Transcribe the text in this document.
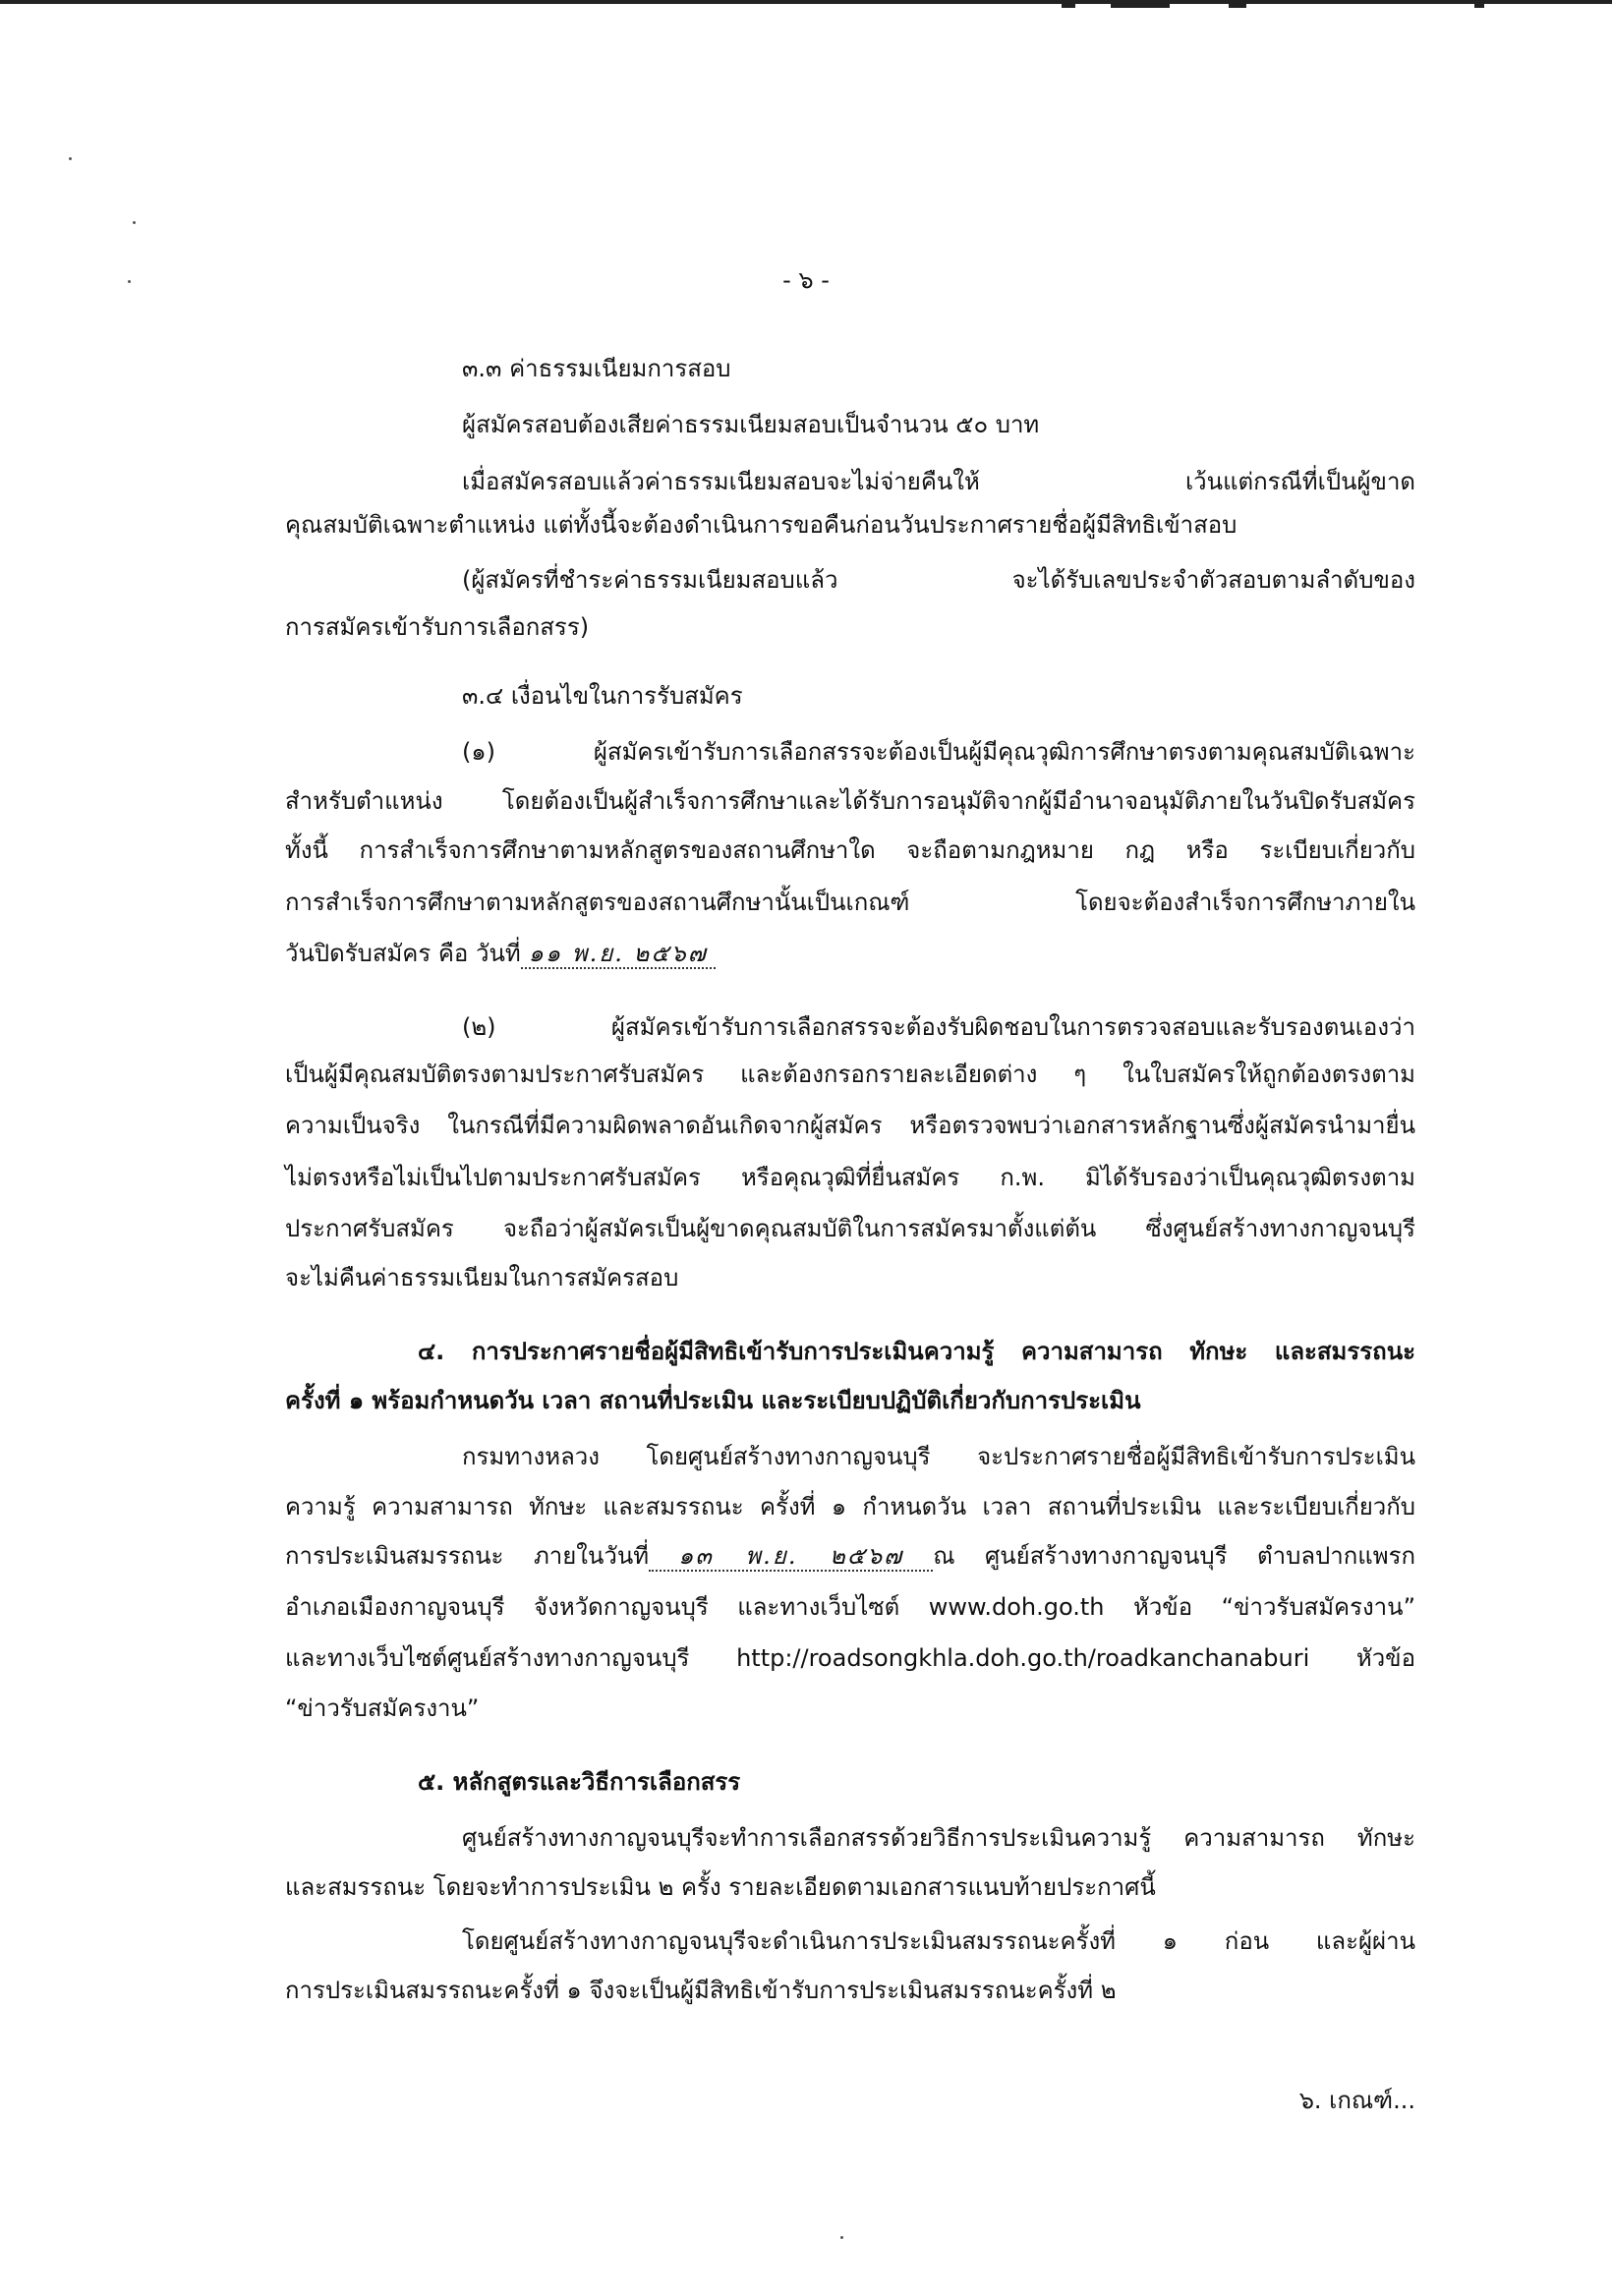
- ๖ -
๓.๓ ค่าธรรมเนียมการสอบ
ผู้สมัครสอบต้องเสียค่าธรรมเนียมสอบเป็นจำนวน ๕๐ บาท
เมื่อสมัครสอบแล้วค่าธรรมเนียมสอบจะไม่จ่ายคืนให้ เว้นแต่กรณีที่เป็นผู้ขาด
คุณสมบัติเฉพาะตำแหน่ง แต่ทั้งนี้จะต้องดำเนินการขอคืนก่อนวันประกาศรายชื่อผู้มีสิทธิเข้าสอบ
(ผู้สมัครที่ชำระค่าธรรมเนียมสอบแล้ว จะได้รับเลขประจำตัวสอบตามลำดับของ
การสมัครเข้ารับการเลือกสรร)
๓.๔ เงื่อนไขในการรับสมัคร
(๑) ผู้สมัครเข้ารับการเลือกสรรจะต้องเป็นผู้มีคุณวุฒิการศึกษาตรงตามคุณสมบัติเฉพาะ
สำหรับตำแหน่ง โดยต้องเป็นผู้สำเร็จการศึกษาและได้รับการอนุมัติจากผู้มีอำนาจอนุมัติภายในวันปิดรับสมัคร
ทั้งนี้ การสำเร็จการศึกษาตามหลักสูตรของสถานศึกษาใด จะถือตามกฎหมาย กฎ หรือ ระเบียบเกี่ยวกับ
การสำเร็จการศึกษาตามหลักสูตรของสถานศึกษานั้นเป็นเกณฑ์ โดยจะต้องสำเร็จการศึกษาภายใน
วันปิดรับสมัคร คือ วันที่ ๑๑ พ.ย. ๒๕๖๗
(๒) ผู้สมัครเข้ารับการเลือกสรรจะต้องรับผิดชอบในการตรวจสอบและรับรองตนเองว่า
เป็นผู้มีคุณสมบัติตรงตามประกาศรับสมัคร และต้องกรอกรายละเอียดต่าง ๆ ในใบสมัครให้ถูกต้องตรงตาม
ความเป็นจริง ในกรณีที่มีความผิดพลาดอันเกิดจากผู้สมัคร หรือตรวจพบว่าเอกสารหลักฐานซึ่งผู้สมัครนำมายื่น
ไม่ตรงหรือไม่เป็นไปตามประกาศรับสมัคร หรือคุณวุฒิที่ยื่นสมัคร ก.พ. มิได้รับรองว่าเป็นคุณวุฒิตรงตาม
ประกาศรับสมัคร จะถือว่าผู้สมัครเป็นผู้ขาดคุณสมบัติในการสมัครมาตั้งแต่ต้น ซึ่งศูนย์สร้างทางกาญจนบุรี
จะไม่คืนค่าธรรมเนียมในการสมัครสอบ
๔. การประกาศรายชื่อผู้มีสิทธิเข้ารับการประเมินความรู้ ความสามารถ ทักษะ และสมรรถนะ
ครั้งที่ ๑ พร้อมกำหนดวัน เวลา สถานที่ประเมิน และระเบียบปฏิบัติเกี่ยวกับการประเมิน
กรมทางหลวง โดยศูนย์สร้างทางกาญจนบุรี จะประกาศรายชื่อผู้มีสิทธิเข้ารับการประเมิน
ความรู้ ความสามารถ ทักษะ และสมรรถนะ ครั้งที่ ๑ กำหนดวัน เวลา สถานที่ประเมิน และระเบียบเกี่ยวกับ
การประเมินสมรรถนะ ภายในวันที่ ๑๓ พ.ย. ๒๕๖๗ ณ ศูนย์สร้างทางกาญจนบุรี ตำบลปากแพรก
อำเภอเมืองกาญจนบุรี จังหวัดกาญจนบุรี และทางเว็บไซต์ www.doh.go.th หัวข้อ “ข่าวรับสมัครงาน”
และทางเว็บไซต์ศูนย์สร้างทางกาญจนบุรี http://roadsongkhla.doh.go.th/roadkanchanaburi หัวข้อ
“ข่าวรับสมัครงาน”
๕. หลักสูตรและวิธีการเลือกสรร
ศูนย์สร้างทางกาญจนบุรีจะทำการเลือกสรรด้วยวิธีการประเมินความรู้ ความสามารถ ทักษะ
และสมรรถนะ โดยจะทำการประเมิน ๒ ครั้ง รายละเอียดตามเอกสารแนบท้ายประกาศนี้
โดยศูนย์สร้างทางกาญจนบุรีจะดำเนินการประเมินสมรรถนะครั้งที่ ๑ ก่อน และผู้ผ่าน
การประเมินสมรรถนะครั้งที่ ๑ จึงจะเป็นผู้มีสิทธิเข้ารับการประเมินสมรรถนะครั้งที่ ๒
๖. เกณฑ์...
